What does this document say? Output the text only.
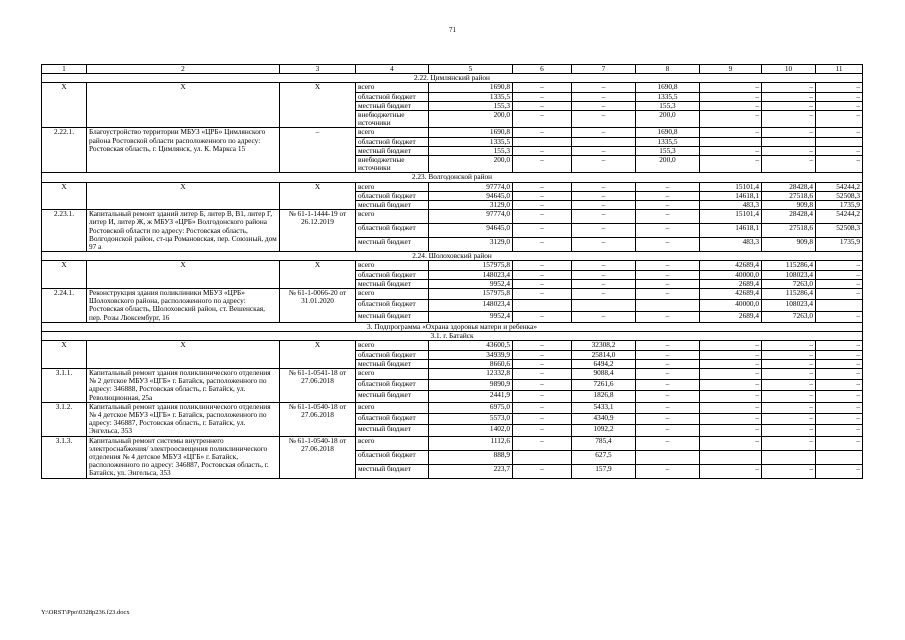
71
1	2	3	4	5	6	7	8	9	10	11
2.22. Цимлянский район										
Х	Х	Х	всего	1690,8	–	–	1690,8	–	–	–
			областной бюджет	1335,5	–	–	1335,5	–	–	–
			местный бюджет	155,3	–	–	155,3	–	–	–
			внебюджетные источники	200,0	–	–	200,0	–	–	–
2.22.1.	Благоустройство территории МБУЗ «ЦРБ» Цимлянского района Ростовской области расположенного по адресу: Ростовская область, г. Цимлянск, ул. К. Маркса 15	–	всего	1690,8	–	–	1690,8	–	–	–
			областной бюджет	1335,5			1335,5			
			местный бюджет	155,3	–	–	155,3	–	–	–
			внебюджетные источники	200,0	–	–	200,0	–	–	–
2.23. Волгодонской район										
Х	Х	Х	всего	97774,0	–	–	–	15101,4	28428,4	54244,2
			областной бюджет	94645,0	–	–	–	14618,1	27518,6	52508,3
			местный бюджет	3129,0	–	–	–	483,3	909,8	1735,9
2.23.1.	Капитальный ремонт зданий литер Б, литер В, В1, литер Г, литер И, литер Ж, ж МБУЗ «ЦРБ» Волгодонского района Ростовской области по адресу: Ростовская область, Волгодонской район, ст-ца Романовская, пер. Союзный, дом 97 а	№ 61-1-1444-19 от 26.12.2019	всего	97774,0	–	–	–	15101,4	28428,4	54244,2
			областной бюджет	94645,0	–	–	–	14618,1	27518,6	52508,3
			местный бюджет	3129,0	–	–	–	483,3	909,8	1735,9
2.24. Шолоховский район										
Х	Х	Х	всего	157975,8	–	–	–	42689,4	115286,4	–
			областной бюджет	148023,4	–	–	–	40000,0	108023,4	–
			местный бюджет	9952,4	–	–	–	2689,4	7263,0	–
2.24.1.	Реконструкция здания поликлиники МБУЗ «ЦРБ» Шолоховского района, расположенного по адресу: Ростовская область, Шолоховский район, ст. Вешенская, пер. Розы Люксембург, 16	№ 61-1-0066-20 от 31.01.2020	всего	157975,8	–	–	–	42689,4	115286,4	–
			областной бюджет	148023,4				40000,0	108023,4	
			местный бюджет	9952,4	–	–	–	2689,4	7263,0	–
3. Подпрограмма «Охрана здоровья матери и ребенка»										
3.1. г. Батайск										
Х	Х	Х	всего	43600,5	–	32308,2	–	–	–	–
			областной бюджет	34939,9	–	25814,0	–	–	–	–
			местный бюджет	8660,6	–	6494,2	–	–	–	–
3.1.1.	Капитальный ремонт здания поликлинического отделения № 2 детское МБУЗ «ЦГБ» г. Батайск, расположенного по адресу: 346888, Ростовская область, г. Батайск, ул. Революционная, 25а	№ 61-1-0541-18 от 27.06.2018	всего	12332,8	–	9088,4	–	–	–	–
			областной бюджет	9890,9	–	7261,6	–	–	–	–
			местный бюджет	2441,9	–	1826,8	–	–	–	–
3.1.2.	Капитальный ремонт здания поликлинического отделения № 4 детское МБУЗ «ЦГБ» г. Батайск, расположенного по адресу: 346887, Ростовская область, г. Батайск, ул. Энгельса, 353	№ 61-1-0540-18 от 27.06.2018	всего	6975,0	–	5433,1	–	–	–	–
			областной бюджет	5573,0	–	4340,9	–	–	–	–
			местный бюджет	1402,0	–	1092,2	–	–	–	–
3.1.3.	Капитальный ремонт системы внутреннего электроснабжения/ электроосвещения поликлинического отделения № 4 детское МБУЗ «ЦГБ» г. Батайск, расположенного по адресу: 346887, Ростовская область, г. Батайск, ул. Энгельса, 353	№ 61-1-0540-18 от 27.06.2018	всего	1112,6	–	785,4	–	–	–	–
			областной бюджет	888,9		627,5				
			местный бюджет	223,7	–	157,9	–	–	–	–
Y:\ORST\Ppo\0328p236.f23.docx
